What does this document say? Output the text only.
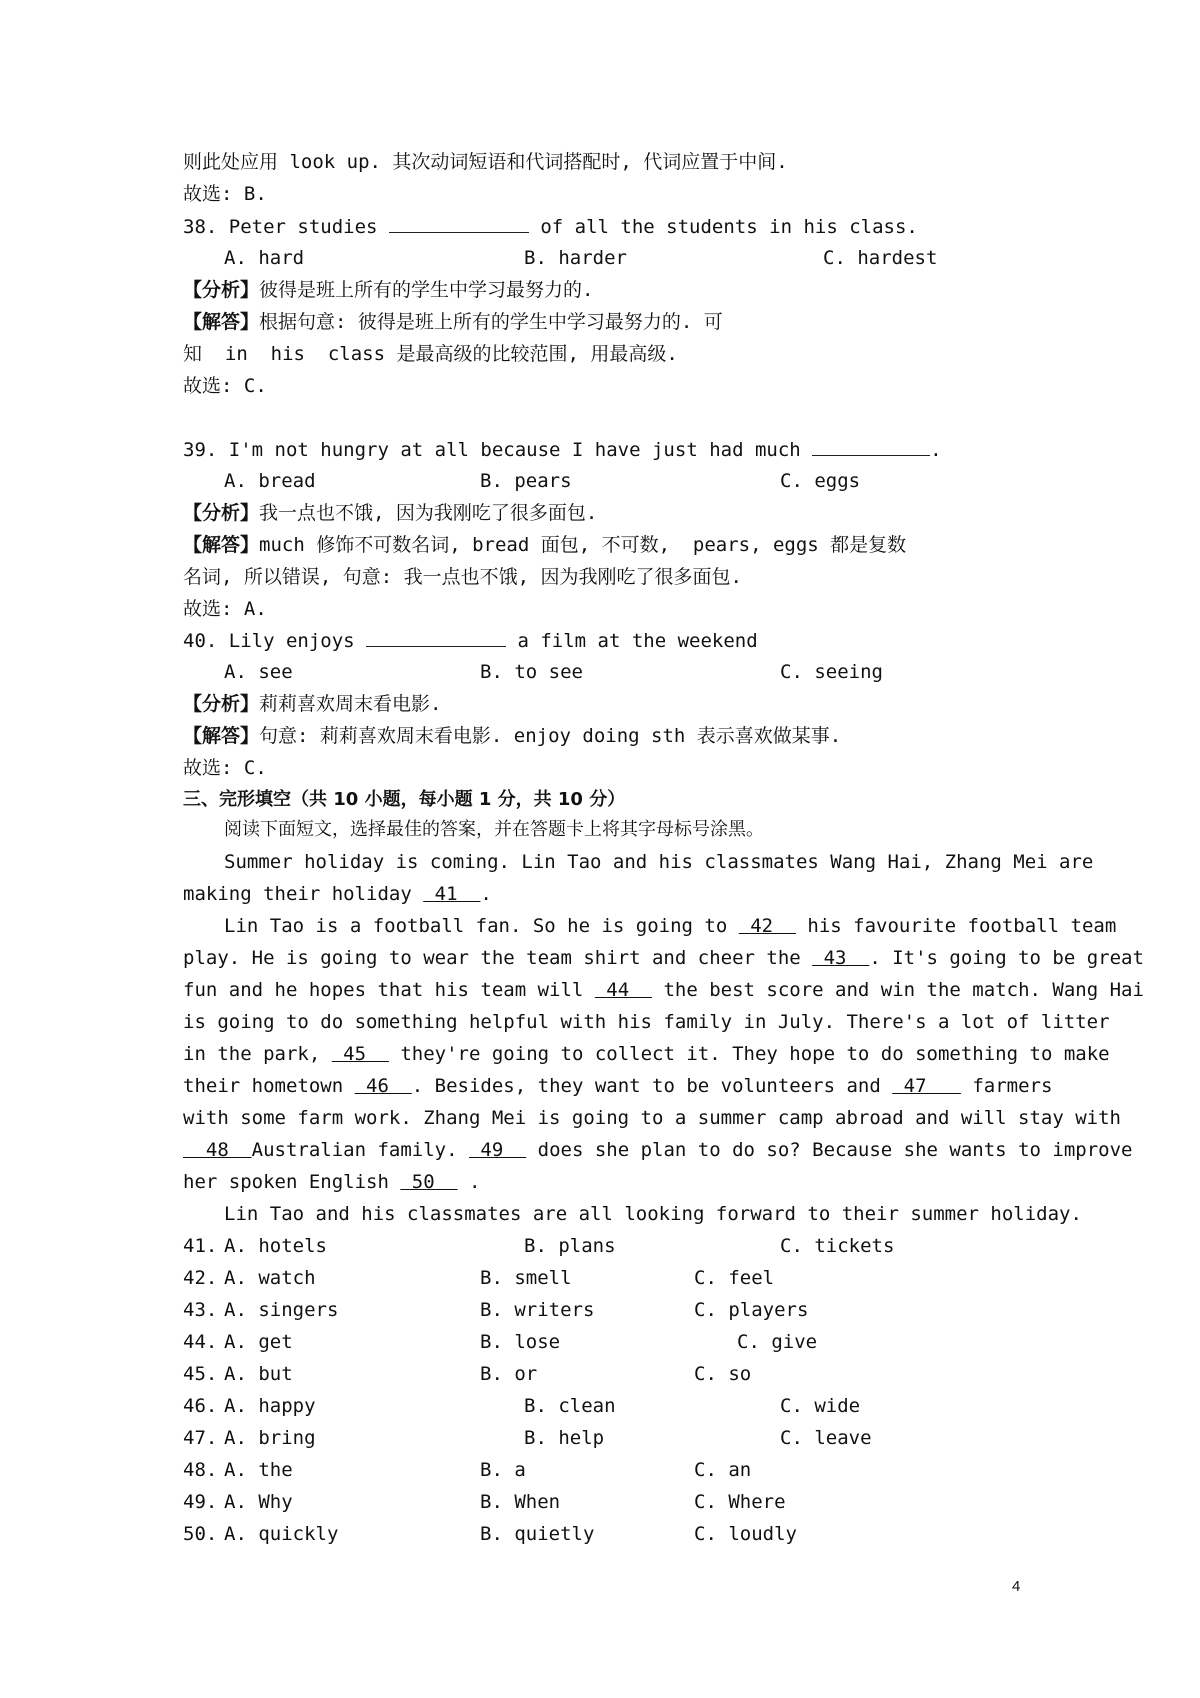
则此处应用 look up. 其次动词短语和代词搭配时, 代词应置于中间.
故选: B.
38. Peter studies	of all the students in his class.
A. hard	B. harder	C. hardest
【分析】彼得是班上所有的学生中学习最努力的.
【解答】根据句意: 彼得是班上所有的学生中学习最努力的. 可
知  in  his  class 是最高级的比较范围, 用最高级.
故选: C.
39. I'm not hungry at all because I have just had much	.
A. bread	B. pears	C. eggs
【分析】我一点也不饿, 因为我刚吃了很多面包.
【解答】much 修饰不可数名词, bread 面包, 不可数,  pears, eggs 都是复数
名词, 所以错误, 句意: 我一点也不饿, 因为我刚吃了很多面包.
故选: A.
40. Lily enjoys	a film at the weekend
A. see	B. to see	C. seeing
【分析】莉莉喜欢周末看电影.
【解答】句意: 莉莉喜欢周末看电影. enjoy doing sth 表示喜欢做某事.
故选: C.
三、完形填空（共 10 小题，每小题 1 分，共 10 分）
阅读下面短文，选择最佳的答案，并在答题卡上将其字母标号涂黑。
Summer holiday is coming. Lin Tao and his classmates Wang Hai, Zhang Mei are
making their holiday  41  .
Lin Tao is a football fan. So he is going to  42   his favourite football team
play. He is going to wear the team shirt and cheer the  43  . It's going to be great
fun and he hopes that his team will  44   the best score and win the match. Wang Hai
is going to do something helpful with his family in July. There's a lot of litter
in the park,  45   they're going to collect it. They hope to do something to make
their hometown  46  . Besides, they want to be volunteers and  47    farmers
with some farm work. Zhang Mei is going to a summer camp abroad and will stay with
48  Australian family.  49   does she plan to do so? Because she wants to improve
her spoken English  50   .
Lin Tao and his classmates are all looking forward to their summer holiday.
41. A. hotels	B. plans	C. tickets
42. A. watch	B. smell	C. feel
43. A. singers	B. writers	C. players
44. A. get	B. lose	C. give
45. A. but	B. or	C. so
46. A. happy	B. clean	C. wide
47. A. bring	B. help	C. leave
48. A. the	B. a	C. an
49. A. Why	B. When	C. Where
50. A. quickly	B. quietly	C. loudly
4
